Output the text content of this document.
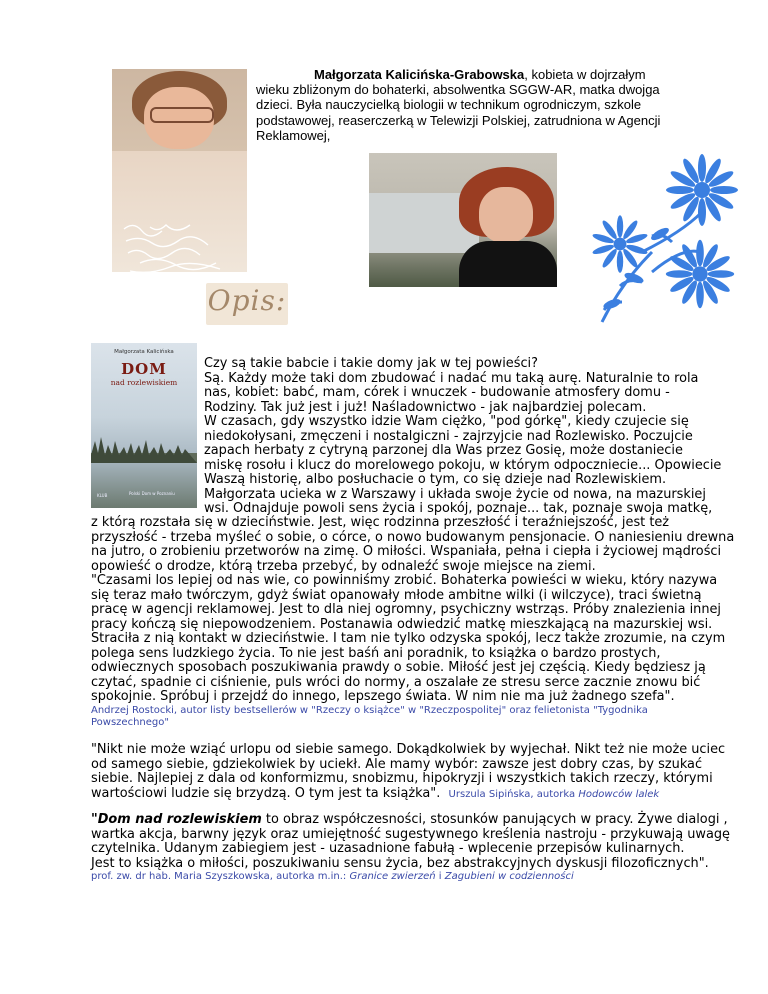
Małgorzata Kalicińska-Grabowska, kobieta w dojrzałym
wieku zbliżonym do bohaterki, absolwentka SGGW-AR, matka dwojga
dzieci. Była nauczycielką biologii w technikum ogrodniczym, szkole
podstawowej, reaserczerką w Telewizji Polskiej, zatrudniona w Agencji
Reklamowej,
Opis:
Małgorzata Kalicińska
DOM
nad rozlewiskiem
KLUB	Polski Dom w Poznaniu
Czy są takie babcie i takie domy jak w tej powieści?
Są. Każdy może taki dom zbudować i nadać mu taką aurę. Naturalnie to rola
nas, kobiet: babć, mam, córek i wnuczek - budowanie atmosfery domu -
Rodziny. Tak już jest i już! Naśladownictwo - jak najbardziej polecam.
W czasach, gdy wszystko idzie Wam ciężko, "pod górkę", kiedy czujecie się
niedokołysani, zmęczeni i nostalgiczni - zajrzyjcie nad Rozlewisko. Poczujcie
zapach herbaty z cytryną parzonej dla Was przez Gosię, może dostaniecie
miskę rosołu i klucz do morelowego pokoju, w którym odpoczniecie... Opowiecie
Waszą historię, albo posłuchacie o tym, co się dzieje nad Rozlewiskiem.
Małgorzata ucieka w z Warszawy i układa swoje życie od nowa, na mazurskiej
wsi. Odnajduje powoli sens życia i spokój, poznaje... tak, poznaje swoja matkę,
z którą rozstała się w dzieciństwie. Jest, więc rodzinna przeszłość i teraźniejszość, jest też
przyszłość - trzeba myśleć o sobie, o córce, o nowo budowanym pensjonacie. O naniesieniu drewna
na jutro, o zrobieniu przetworów na zimę. O miłości. Wspaniała, pełna i ciepła i życiowej mądrości
opowieść o drodze, którą trzeba przebyć, by odnaleźć swoje miejsce na ziemi.
"Czasami los lepiej od nas wie, co powinniśmy zrobić. Bohaterka powieści w wieku, który nazywa
się teraz mało twórczym, gdyż świat opanowały młode ambitne wilki (i wilczyce), traci świetną
pracę w agencji reklamowej. Jest to dla niej ogromny, psychiczny wstrząs. Próby znalezienia innej
pracy kończą się niepowodzeniem. Postanawia odwiedzić matkę mieszkającą na mazurskiej wsi.
Straciła z nią kontakt w dzieciństwie. I tam nie tylko odzyska spokój, lecz także zrozumie, na czym
polega sens ludzkiego życia. To nie jest baśń ani poradnik, to książka o bardzo prostych,
odwiecznych sposobach poszukiwania prawdy o sobie. Miłość jest jej częścią. Kiedy będziesz ją
czytać, spadnie ci ciśnienie, puls wróci do normy, a oszalałe ze stresu serce zacznie znowu bić
spokojnie. Spróbuj i przejdź do innego, lepszego świata. W nim nie ma już żadnego szefa".
Andrzej Rostocki, autor listy bestsellerów w "Rzeczy o książce" w "Rzeczpospolitej" oraz felietonista "Tygodnika
Powszechnego"
"Nikt nie może wziąć urlopu od siebie samego. Dokądkolwiek by wyjechał. Nikt też nie może uciec
od samego siebie, gdziekolwiek by uciekł. Ale mamy wybór: zawsze jest dobry czas, by szukać
siebie. Najlepiej z dala od konformizmu, snobizmu, hipokryzji i wszystkich takich rzeczy, którymi
wartościowi ludzie się brzydzą. O tym jest ta książka". Urszula Sipińska, autorka Hodowców lalek
"Dom nad rozlewiskiem to obraz współczesności, stosunków panujących w pracy. Żywe dialogi ,
wartka akcja, barwny język oraz umiejętność sugestywnego kreślenia nastroju - przykuwają uwagę
czytelnika. Udanym zabiegiem jest - uzasadnione fabułą - wplecenie przepisów kulinarnych.
Jest to książka o miłości, poszukiwaniu sensu życia, bez abstrakcyjnych dyskusji filozoficznych".
prof. zw. dr hab. Maria Szyszkowska, autorka m.in.: Granice zwierzeń i Zagubieni w codzienności
